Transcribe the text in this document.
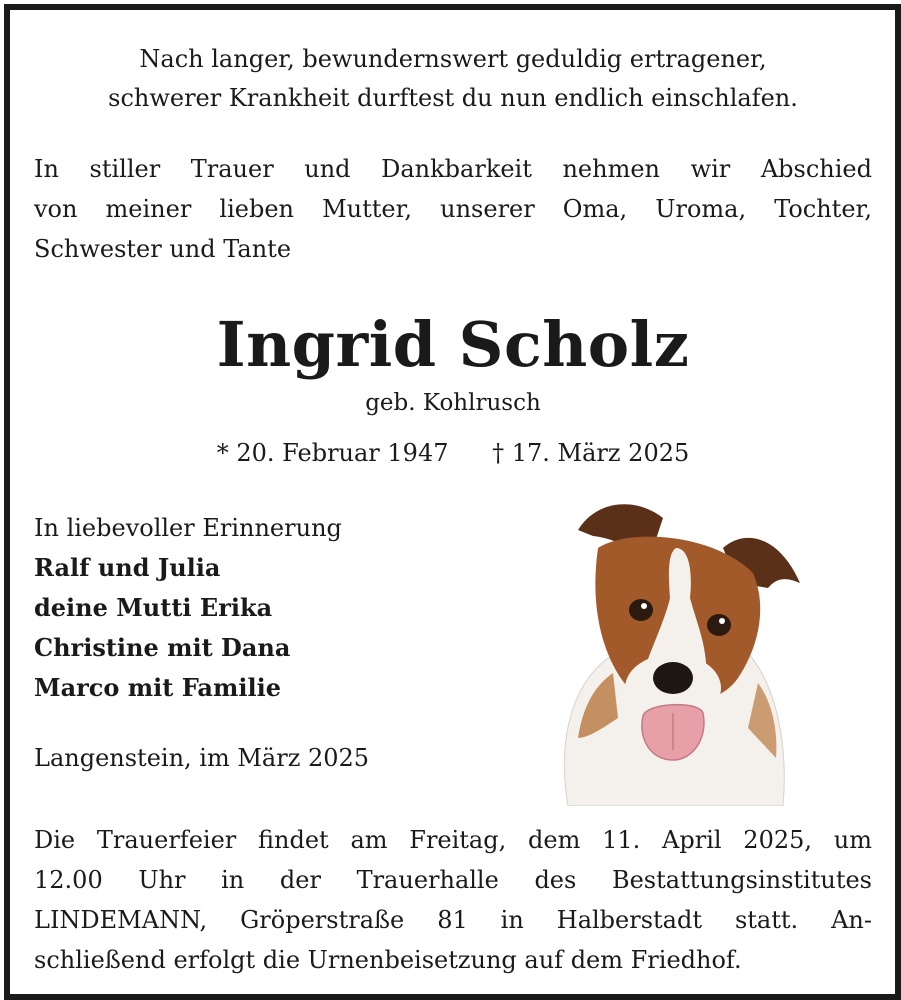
Nach langer, bewundernswert geduldig ertragener,
schwerer Krankheit durftest du nun endlich einschlafen.
In stiller Trauer und Dankbarkeit nehmen wir Abschied
von meiner lieben Mutter, unserer Oma, Uroma, Tochter,
Schwester und Tante
Ingrid Scholz
geb. Kohlrusch
* 20. Februar 1947 † 17. März 2025
In liebevoller Erinnerung
Ralf und Julia
deine Mutti Erika
Christine mit Dana
Marco mit Familie
Langenstein, im März 2025
Die Trauerfeier findet am Freitag, dem 11. April 2025, um
12.00 Uhr in der Trauerhalle des Bestattungsinstitutes
LINDEMANN, Gröperstraße 81 in Halberstadt statt. An-
schließend erfolgt die Urnenbeisetzung auf dem Friedhof.
